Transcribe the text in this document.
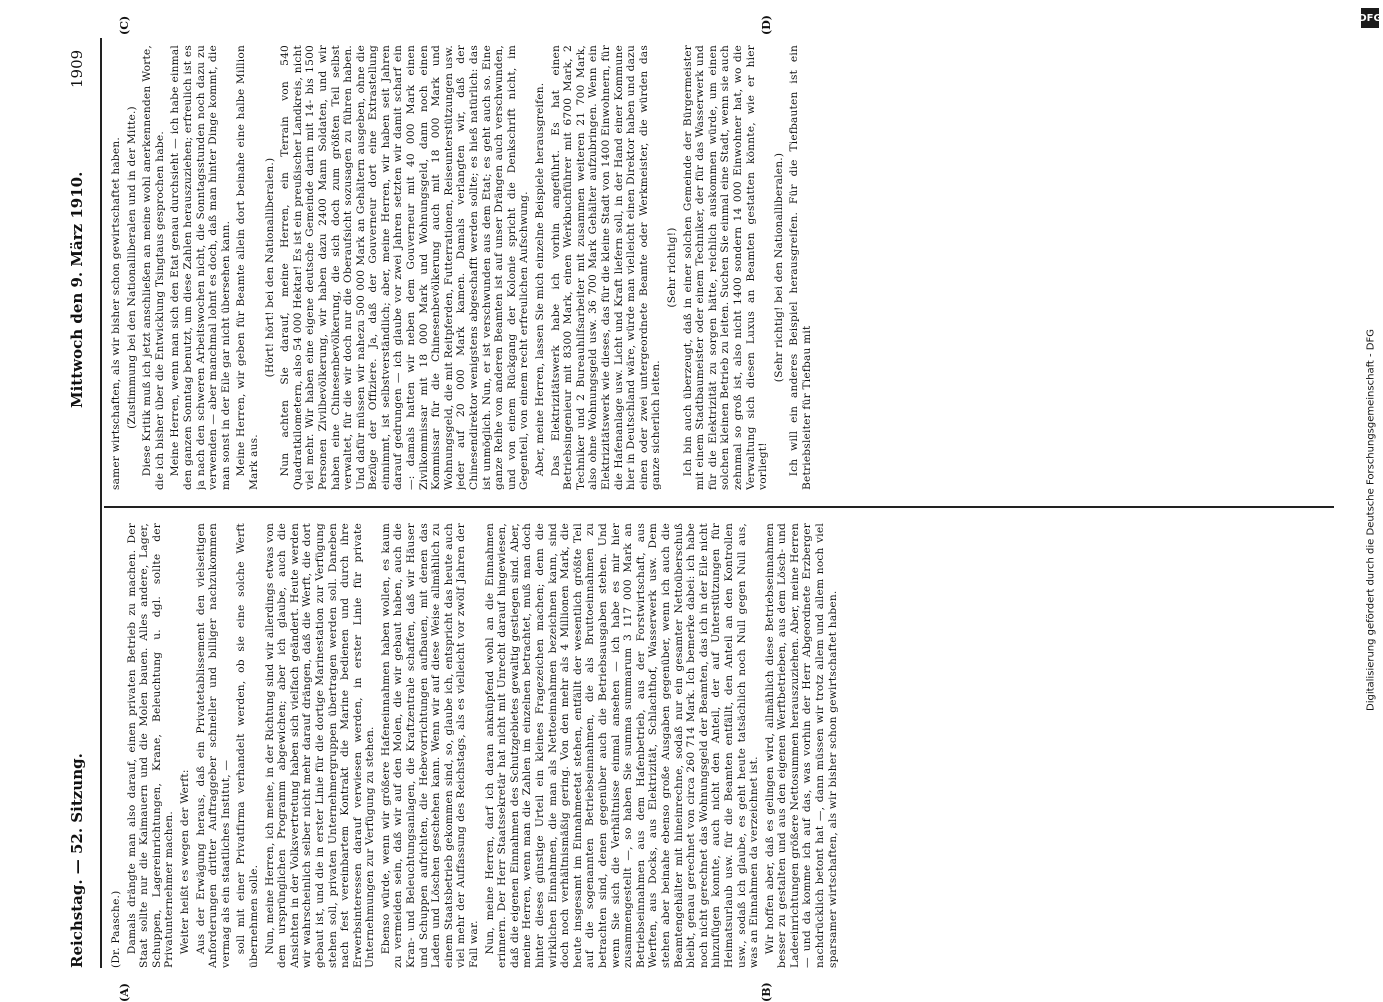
Reichstag. — 52. Sitzung.
Mittwoch den 9. März 1910.
1909

(Dr. Paasche.) Damals drängte man also darauf, einen privaten Betrieb zu machen. Der Staat sollte nur die Kaimauern und die Molen bauen. Alles andere, Lager, Schuppen, Lagereinrichtungen, Krane, Beleuchtung u. dgl. sollte der Privatunternehmer machen. Weiter heißt es wegen der Werft: Aus der Erwägung heraus, daß ein Privatetablissement den vielseitigen Anforderungen dritter Auftraggeber schneller und billiger nachzukommen vermag als ein staatliches Institut, — soll mit einer Privatfirma verhandelt werden, ob sie eine solche Werft übernehmen solle. Nun, meine Herren, ich meine, in der Richtung sind wir allerdings etwas von dem ursprünglichen Programm abgewichen; aber ich glaube, auch die Ansichten in der Volksvertretung haben sich vielfach geändert. Heute werden wir wahrscheinlich selber nicht mehr darauf drängen, daß die Werft, die dort gebaut ist, und die in erster Linie für die dortige Marinestation zur Verfügung stehen soll, privaten Unternehmergruppen übertragen werden soll. Daneben nach fest vereinbartem Kontrakt die Marine bedienen und durch ihre Erwerbsinteressen darauf verwiesen werden, in erster Linie für private Unternehmungen zur Verfügung zu stehen. Ebenso würde, wenn wir größere Hafeneinnahmen haben wollen, es kaum zu vermeiden sein, daß wir auf den Molen, die wir gebaut haben, auch die Kran- und Beleuchtungsanlagen, die Kraftzentrale schaffen, daß wir Häuser und Schuppen aufrichten, die Hebevorrichtungen aufbauen, mit denen das Laden und Löschen geschehen kann. Wenn wir auf diese Weise allmählich zu einem Staatsbetrieb gekommen sind, so, glaube ich, entspricht das heute auch viel mehr der Auffassung des Reichstags, als es vielleicht vor zwölf Jahren der Fall war. Nun, meine Herren, darf ich daran anknüpfend wohl an die Einnahmen erinnern. Der Herr Staatssekretär hat nicht mit Unrecht darauf hingewiesen, daß die eigenen Einnahmen des Schutzgebietes gewaltig gestiegen sind. Aber, meine Herren, wenn man die Zahlen im einzelnen betrachtet, muß man doch hinter dieses günstige Urteil ein kleines Fragezeichen machen; denn die wirklichen Einnahmen, die man als Nettoeinnahmen bezeichnen kann, sind doch noch verhältnismäßig gering. Von den mehr als 4 Millionen Mark, die heute insgesamt im Einnahmeetat stehen, entfällt der wesentlich größte Teil auf die sogenannten Betriebseinnahmen, die als Bruttoeinnahmen zu betrachten sind, denen gegenüber auch die Betriebsausgaben stehen. Und wenn Sie sich die Verhältnisse einmal ansehen — ich habe es mir hier zusammengestellt —, so haben Sie summa summarum 3 117 000 Mark an Betriebseinnahmen aus dem Hafenbetrieb, aus der Forstwirtschaft, aus Werften, aus Docks, aus Elektrizität, Schlachthof, Wasserwerk usw. Dem stehen aber beinahe ebenso große Ausgaben gegenüber, wenn ich auch die Beamtengehälter mit hineinrechne, sodaß nur ein gesamter Nettoüberschuß bleibt, genau gerechnet von circa 260 714 Mark. Ich bemerke dabei: ich habe noch nicht gerechnet das Wohnungsgeld der Beamten, das ich in der Eile nicht hinzufügen konnte, auch nicht den Anteil, der auf Unterstützungen für Heimatsurlaub usw. für die Beamten entfällt, den Anteil an den Kontrollen usw., sodaß ich glaube, es geht heute tatsächlich noch Null gegen Null aus, was an Einnahmen da verzeichnet ist. Wir hoffen aber, daß es gelingen wird, allmählich diese Betriebseinnahmen besser zu gestalten und aus den eigenen Werftbetrieben, aus dem Lösch- und Ladeeinrichtungen größere Nettosummen herauszuziehen. Aber, meine Herren — und da komme ich auf das, was vorhin der Herr Abgeordnete Erzberger nachdrücklich betont hat —, dann müssen wir trotz allem und allem noch viel sparsamer wirtschaften, als wir bisher schon gewirtschaftet haben.

samer wirtschaften, als wir bisher schon gewirtschaftet haben. (Zustimmung bei den Nationalliberalen und in der Mitte.) Diese Kritik muß ich jetzt anschließen an meine wohl anerkennenden Worte, die ich bisher über die Entwicklung Tsingtaus gesprochen habe. Meine Herren, wenn man sich den Etat genau durchsieht — ich habe einmal den ganzen Sonntag benutzt, um diese Zahlen herauszuziehen; erfreulich ist es ja nach den schweren Arbeitswochen nicht, die Sonntagsstunden noch dazu zu verwenden — aber manchmal lohnt es doch, daß man hinter Dinge kommt, die man sonst in der Eile gar nicht übersehen kann. Meine Herren, wir geben für Beamte allein dort beinahe eine halbe Million Mark aus.

(Hört! hört! bei den Nationalliberalen.) Nun achten Sie darauf, meine Herren, ein Terrain von 540 Quadratkilometern, also 54 000 Hektar! Es ist ein preußischer Landkreis, nicht viel mehr. Wir haben eine eigene deutsche Gemeinde darin mit 14- bis 1500 Personen Zivilbevölkerung, wir haben dazu 2400 Mann Soldaten, und wir haben eine Chinesenbevölkerung, die sich doch zum größten Teil selbst verwaltet, für die wir doch nur die Oberaufsicht sozusagen zu führen haben. Und dafür müssen wir nahezu 500 000 Mark an Gehältern ausgeben, ohne die Bezüge der Offiziere. Ja, daß der Gouverneur dort eine Extrastellung einnimmt, ist selbstverständlich; aber, meine Herren, wir haben seit Jahren darauf gedrungen — ich glaube vor zwei Jahren setzten wir damit scharf ein —: damals hatten wir neben dem Gouverneur mit 40 000 Mark einen Zivilkommissar mit 18 000 Mark und Wohnungsgeld, dann noch einen Kommissar für die Chinesenbevölkerung auch mit 18 000 Mark und Wohnungsgeld, die mit Reitpferden, Futterrationen, Reiseunterstützungen usw. jeder auf 20 000 Mark kamen. Damals verlangten wir, daß der Chinesendirektor wenigstens abgeschafft werden sollte; es hieß natürlich: das ist unmöglich. Nun, er ist verschwunden aus dem Etat; es geht auch so. Eine ganze Reihe von anderen Beamten ist auf unser Drängen auch verschwunden, und von einem Rückgang der Kolonie spricht die Denkschrift nicht, im Gegenteil, von einem recht erfreulichen Aufschwung. Aber, meine Herren, lassen Sie mich einzelne Beispiele herausgreifen. Das Elektrizitätswerk habe ich vorhin angeführt. Es hat einen Betriebsingenieur mit 8300 Mark, einen Werkbuchführer mit 6700 Mark, 2 Techniker und 2 Bureauhilfsarbeiter mit zusammen weiteren 21 700 Mark, also ohne Wohnungsgeld usw. 36 700 Mark Gehälter aufzubringen. Wenn ein Elektrizitätswerk wie dieses, das für die kleine Stadt von 1400 Einwohnern, für die Hafenanlage usw. Licht und Kraft liefern soll, in der Hand einer Kommune hier in Deutschland wäre, würde man vielleicht einen Direktor haben und dazu einen oder zwei untergeordnete Beamte oder Werkmeister, die würden das ganze sicherlich leiten.

(Sehr richtig!) Ich bin auch überzeugt, daß in einer solchen Gemeinde der Bürgermeister mit einem Stadtbaumeister oder einem Techniker, der für das Wasserwerk und für die Elektrizität zu sorgen hätte, reichlich auskommen würde, um einen solchen kleinen Betrieb zu leiten. Suchen Sie einmal eine Stadt, wenn sie auch zehnmal so groß ist, also nicht 1400 sondern 14 000 Einwohner hat, wo die Verwaltung sich diesen Luxus an Beamten gestatten könnte, wie er hier vorliegt!

(Sehr richtig! bei den Nationalliberalen.) Ich will ein anderes Beispiel herausgreifen. Für die Tiefbauten ist ein Betriebsleiter für Tiefbau mit

(A)	(B)
(C)	(D)	DFG
Digitalisierung gefördert durch die Deutsche Forschungsgemeinschaft - DFG
